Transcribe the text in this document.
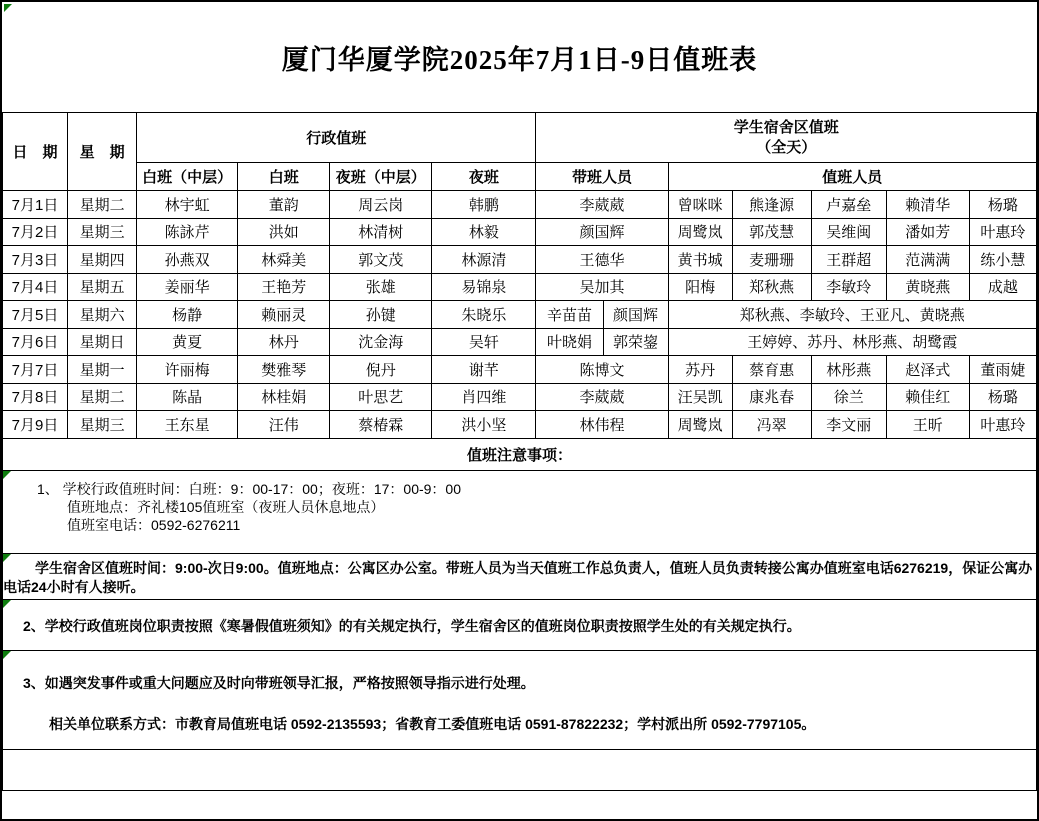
厦门华厦学院2025年7月1日-9日值班表
日　期	星　期	行政值班				学生宿舍区值班
（全天）						

		白班（中层）	白班	夜班（中层）	夜班	带班人员		值班人员				
7月1日	星期二	林宇虹	董韵	周云岗	韩鹏	李葳葳		曾咪咪	熊逢源	卢嘉垒	赖清华	杨璐
7月2日	星期三	陈詠芹	洪如	林清树	林毅	颜国辉		周鹭岚	郭茂慧	吴维闽	潘如芳	叶惠玲
7月3日	星期四	孙燕双	林舜美	郭文茂	林源清	王德华		黄书城	麦珊珊	王群超	范满满	练小慧
7月4日	星期五	姜丽华	王艳芳	张雄	易锦泉	吴加其		阳梅	郑秋燕	李敏玲	黄晓燕	成越
7月5日	星期六	杨静	赖丽灵	孙键	朱晓乐	辛苗苗	颜国辉	郑秋燕、李敏玲、王亚凡、黄晓燕				
7月6日	星期日	黄夏	林丹	沈金海	吴轩	叶晓娟	郭荣鋆	王婷婷、苏丹、林彤燕、胡鹭霞				
7月7日	星期一	许丽梅	樊雅琴	倪丹	谢芊	陈博文		苏丹	蔡育惠	林彤燕	赵泽式	董雨婕
7月8日	星期二	陈晶	林桂娟	叶思艺	肖四维	李葳葳		汪吴凯	康兆春	徐兰	赖佳红	杨璐
7月9日	星期三	王东星	汪伟	蔡椿霖	洪小坚	林伟程		周鹭岚	冯翠	李文丽	王昕	叶惠玲
值班注意事项：												

1、 学校行政值班时间：白班：9：00-17：00；夜班：17：00-9：00
值班地点：齐礼楼105值班室（夜班人员休息地点）
值班室电话：0592-6276211												

学生宿舍区值班时间：9:00-次日9:00。值班地点：公寓区办公室。带班人员为当天值班工作总负责人，值班人员负责转接公寓办值班室电话6276219，保证公寓办电话24小时有人接听。												

2、学校行政值班岗位职责按照《寒暑假值班须知》的有关规定执行，学生宿舍区的值班岗位职责按照学生处的有关规定执行。												

3、如遇突发事件或重大问题应及时向带班领导汇报，严格按照领导指示进行处理。

相关单位联系方式：市教育局值班电话 0592-2135593；省教育工委值班电话 0591-87822232；学村派出所 0592-7797105。												
